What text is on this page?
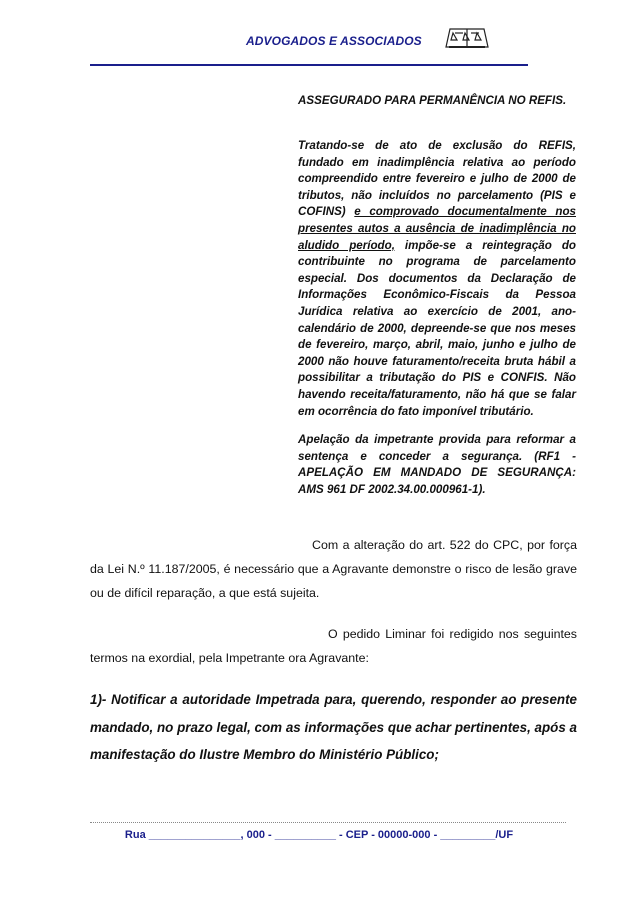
ADVOGADOS E ASSOCIADOS

ASSEGURADO PARA PERMANÊNCIA NO REFIS.

Tratando-se de ato de exclusão do REFIS, fundado em inadimplência relativa ao período compreendido entre fevereiro e julho de 2000 de tributos, não incluídos no parcelamento (PIS e COFINS) e comprovado documentalmente nos presentes autos a ausência de inadimplência no aludido período, impõe-se a reintegração do contribuinte no programa de parcelamento especial. Dos documentos da Declaração de Informações Econômico-Fiscais da Pessoa Jurídica relativa ao exercício de 2001, ano-calendário de 2000, depreende-se que nos meses de fevereiro, março, abril, maio, junho e julho de 2000 não houve faturamento/receita bruta hábil a possibilitar a tributação do PIS e CONFIS. Não havendo receita/faturamento, não há que se falar em ocorrência do fato imponível tributário.

Apelação da impetrante provida para reformar a sentença e conceder a segurança. (RF1 - APELAÇÃO EM MANDADO DE SEGURANÇA: AMS 961 DF 2002.34.00.000961-1).

Com a alteração do art. 522 do CPC, por força da Lei N.º 11.187/2005, é necessário que a Agravante demonstre o risco de lesão grave ou de difícil reparação, a que está sujeita.

O pedido Liminar foi redigido nos seguintes termos na exordial, pela Impetrante ora Agravante:

1)- Notificar a autoridade Impetrada para, querendo, responder ao presente mandado, no prazo legal, com as informações que achar pertinentes, após a manifestação do Ilustre Membro do Ministério Público;

Rua _______________, 000 - __________ - CEP - 00000-000 - _________/UF
